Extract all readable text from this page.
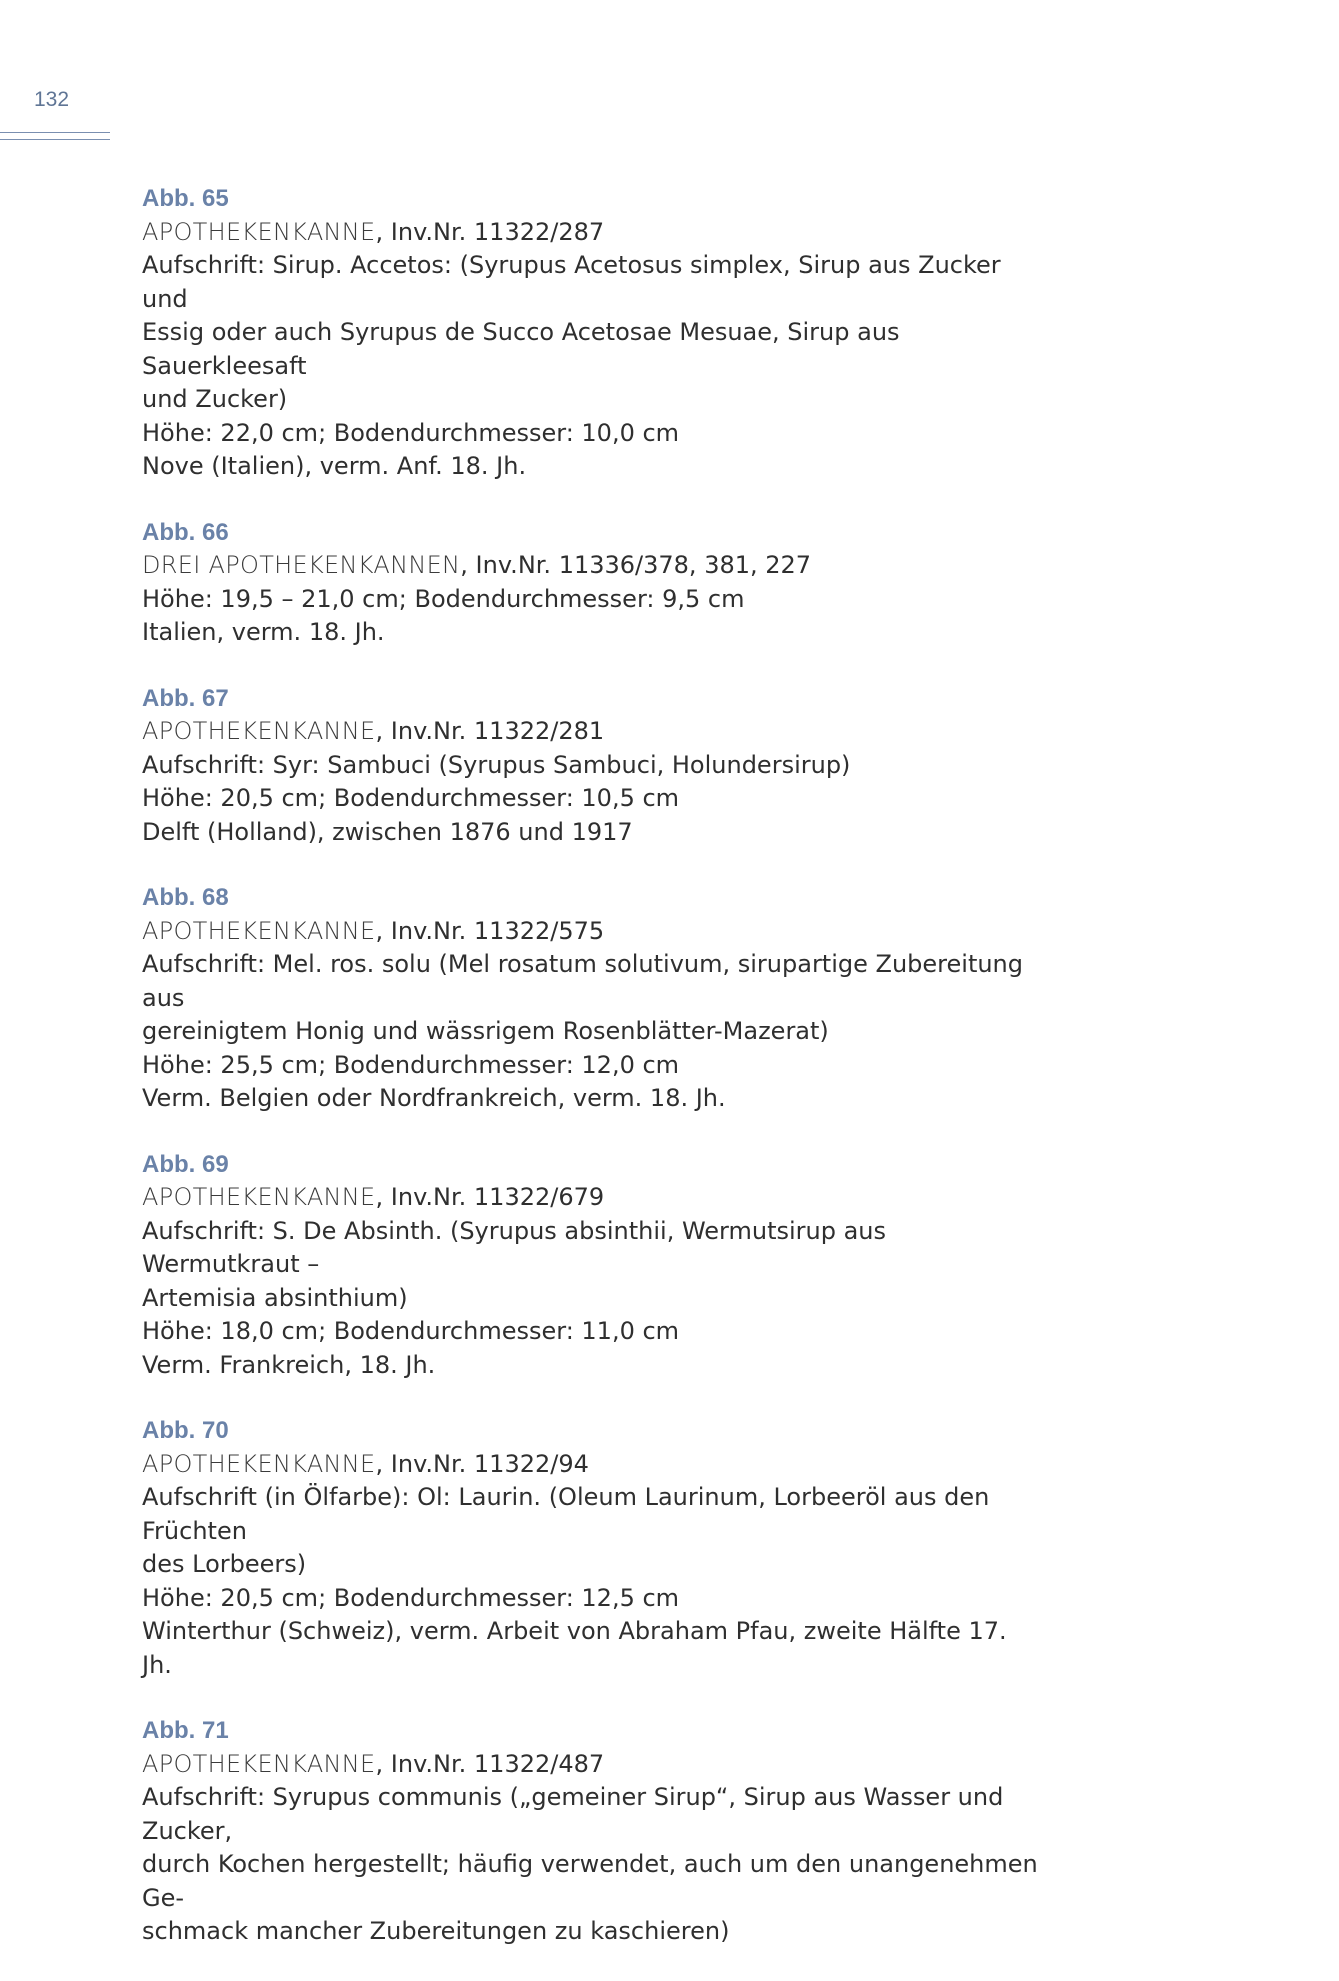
132
Abb. 65
APOTHEKENKANNE, Inv.Nr. 11322/287
Aufschrift: Sirup. Accetos: (Syrupus Acetosus simplex, Sirup aus Zucker und
Essig oder auch Syrupus de Succo Acetosae Mesuae, Sirup aus Sauerkleesaft
und Zucker)
Höhe: 22,0 cm; Bodendurchmesser: 10,0 cm
Nove (Italien), verm. Anf. 18. Jh.
Abb. 66
DREI APOTHEKENKANNEN, Inv.Nr. 11336/378, 381, 227
Höhe: 19,5 – 21,0 cm; Bodendurchmesser: 9,5 cm
Italien, verm. 18. Jh.
Abb. 67
APOTHEKENKANNE, Inv.Nr. 11322/281
Aufschrift: Syr: Sambuci (Syrupus Sambuci, Holundersirup)
Höhe: 20,5 cm; Bodendurchmesser: 10,5 cm
Delft (Holland), zwischen 1876 und 1917
Abb. 68
APOTHEKENKANNE, Inv.Nr. 11322/575
Aufschrift: Mel. ros. solu (Mel rosatum solutivum, sirupartige Zubereitung aus
gereinigtem Honig und wässrigem Rosenblätter-Mazerat)
Höhe: 25,5 cm; Bodendurchmesser: 12,0 cm
Verm. Belgien oder Nordfrankreich, verm. 18. Jh.
Abb. 69
APOTHEKENKANNE, Inv.Nr. 11322/679
Aufschrift: S. De Absinth. (Syrupus absinthii, Wermutsirup aus Wermutkraut –
Artemisia absinthium)
Höhe: 18,0 cm; Bodendurchmesser: 11,0 cm
Verm. Frankreich, 18. Jh.
Abb. 70
APOTHEKENKANNE, Inv.Nr. 11322/94
Aufschrift (in Ölfarbe): Ol: Laurin. (Oleum Laurinum, Lorbeeröl aus den Früchten
des Lorbeers)
Höhe: 20,5 cm; Bodendurchmesser: 12,5 cm
Winterthur (Schweiz), verm. Arbeit von Abraham Pfau, zweite Hälfte 17. Jh.
Abb. 71
APOTHEKENKANNE, Inv.Nr. 11322/487
Aufschrift: Syrupus communis („gemeiner Sirup“, Sirup aus Wasser und Zucker,
durch Kochen hergestellt; häufig verwendet, auch um den unangenehmen Ge-
schmack mancher Zubereitungen zu kaschieren)
